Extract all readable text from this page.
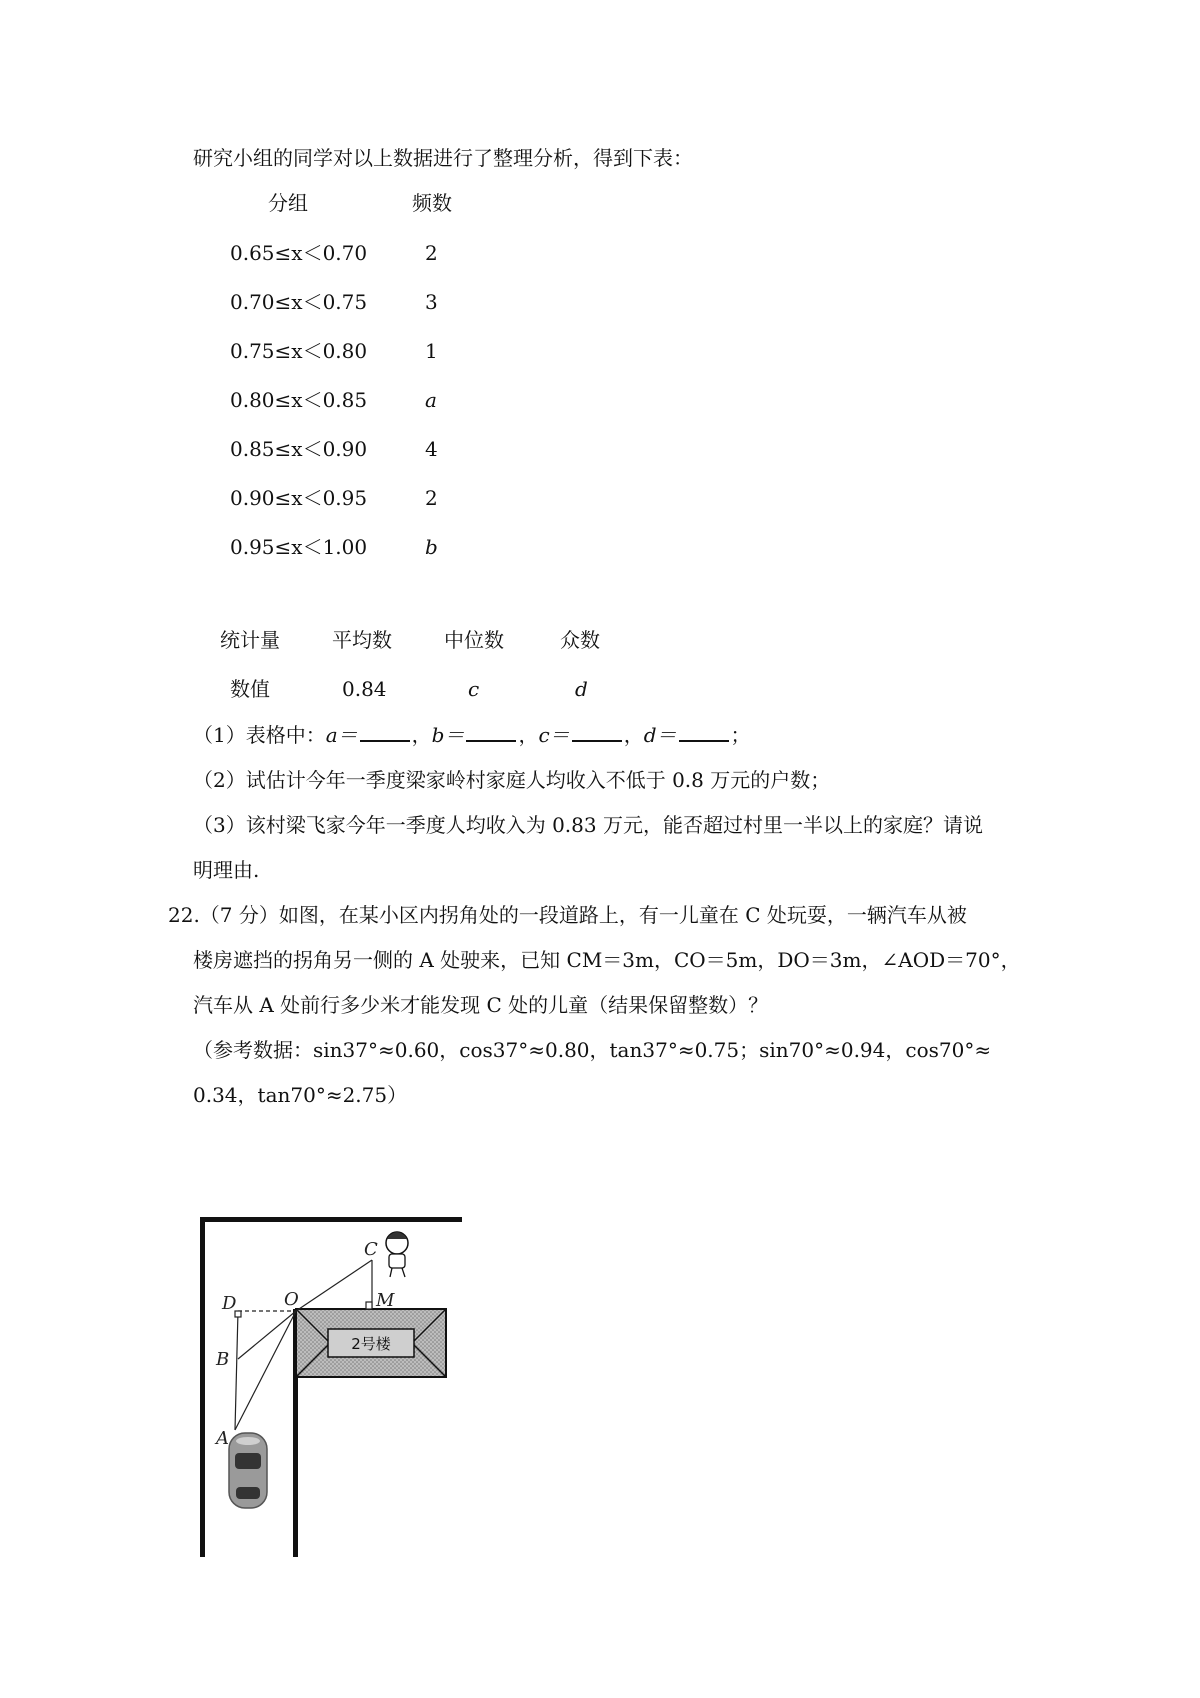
研究小组的同学对以上数据进行了整理分析，得到下表：
分组	频数
0.65≤x＜0.70	2
0.70≤x＜0.75	3
0.75≤x＜0.80	1
0.80≤x＜0.85	a
0.85≤x＜0.90	4
0.90≤x＜0.95	2
0.95≤x＜1.00	b
统计量	平均数	中位数	众数
数值	0.84	c	d
（1）表格中：a＝	，b＝	，c＝	，d＝	；
（2）试估计今年一季度梁家岭村家庭人均收入不低于 0.8 万元的户数；
（3）该村梁飞家今年一季度人均收入为 0.83 万元，能否超过村里一半以上的家庭？请说
明理由.
22.（7 分）如图，在某小区内拐角处的一段道路上，有一儿童在 C 处玩耍，一辆汽车从被
楼房遮挡的拐角另一侧的 A 处驶来，已知 CM＝3m，CO＝5m，DO＝3m，∠AOD＝70°，
汽车从 A 处前行多少米才能发现 C 处的儿童（结果保留整数）？
（参考数据：sin37°≈0.60，cos37°≈0.80，tan37°≈0.75；sin70°≈0.94，cos70°≈
0.34，tan70°≈2.75）
2号楼
C
D	O	M
B
A
